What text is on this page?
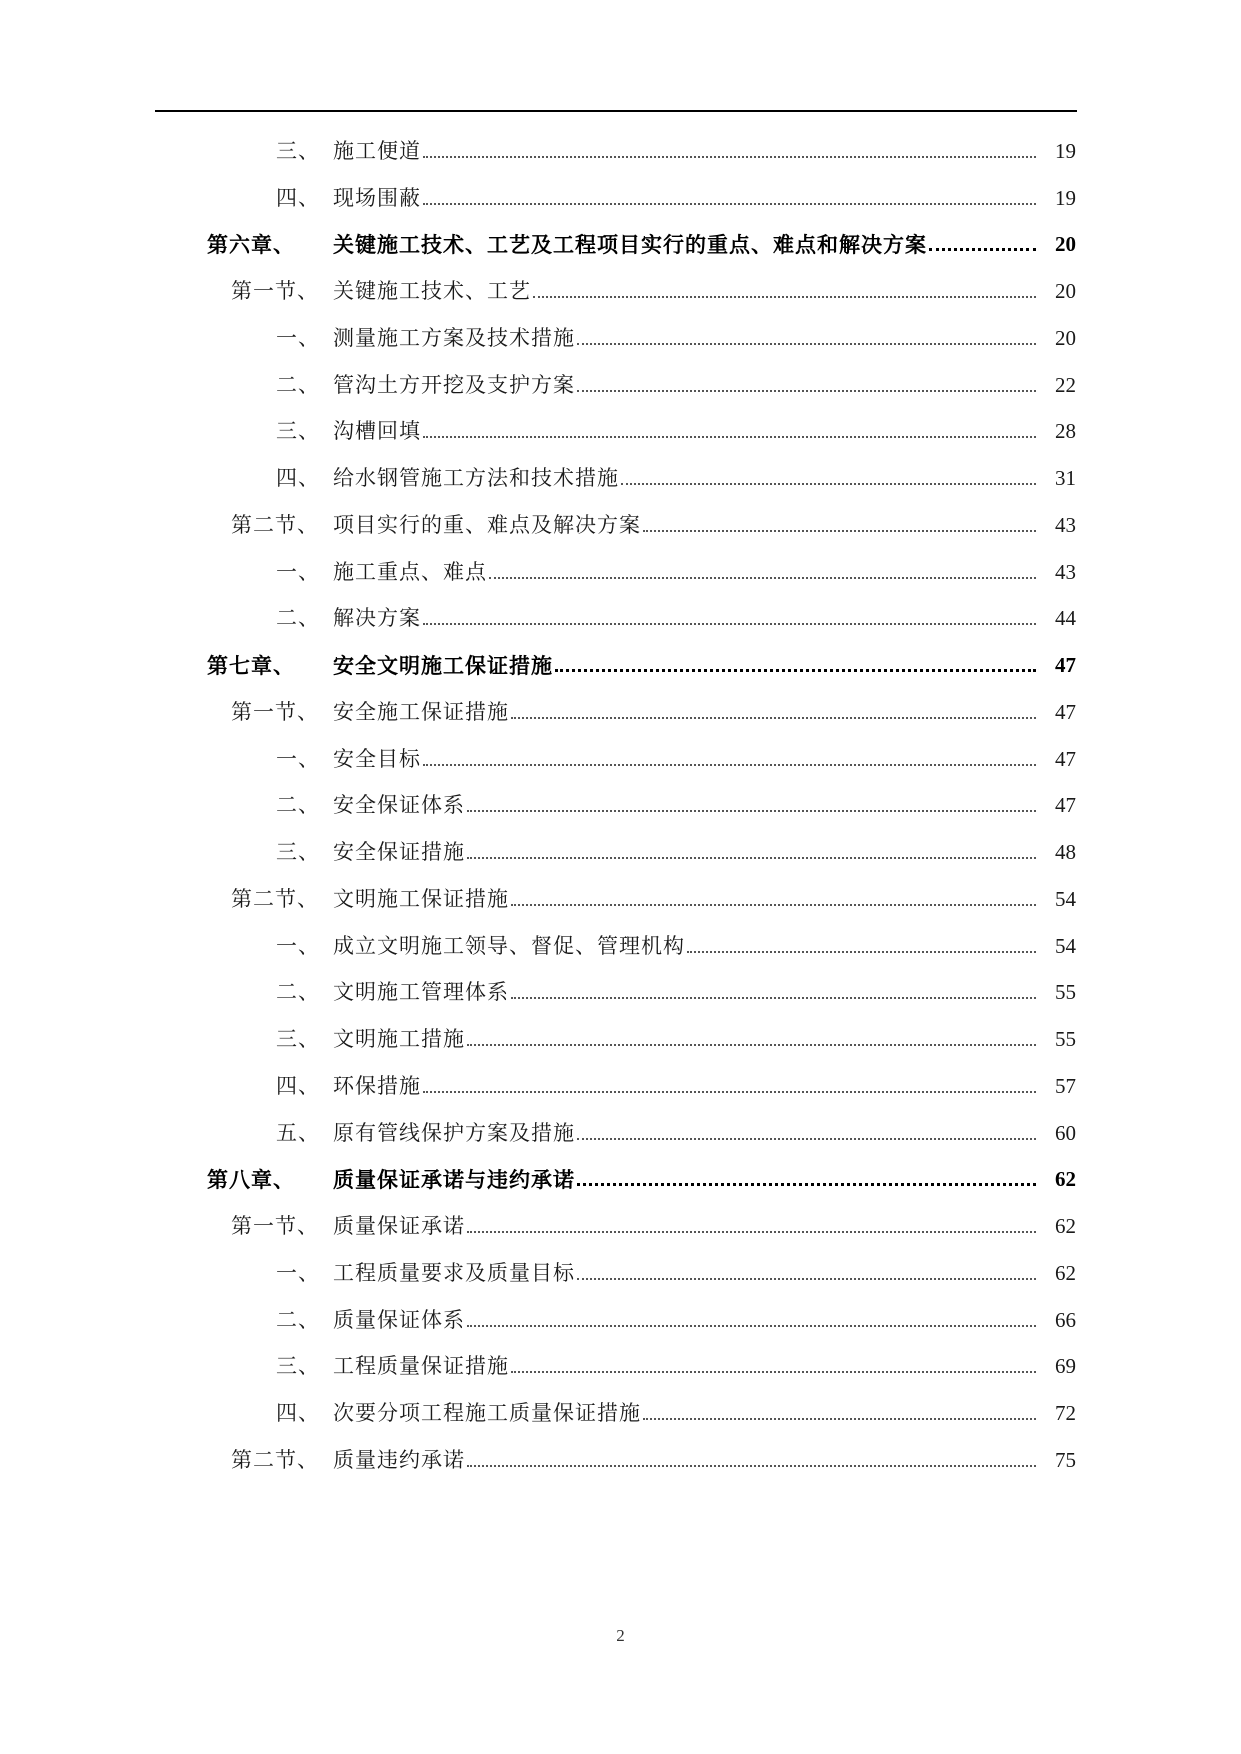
三、 施工便道	19
四、 现场围蔽	19
第六章、 关键施工技术、工艺及工程项目实行的重点、难点和解决方案	20
第一节、 关键施工技术、工艺	20
一、 测量施工方案及技术措施	20
二、 管沟土方开挖及支护方案	22
三、 沟槽回填	28
四、 给水钢管施工方法和技术措施	31
第二节、 项目实行的重、难点及解决方案	43
一、 施工重点、难点	43
二、 解决方案	44
第七章、 安全文明施工保证措施	47
第一节、 安全施工保证措施	47
一、 安全目标	47
二、 安全保证体系	47
三、 安全保证措施	48
第二节、 文明施工保证措施	54
一、 成立文明施工领导、督促、管理机构	54
二、 文明施工管理体系	55
三、 文明施工措施	55
四、 环保措施	57
五、 原有管线保护方案及措施	60
第八章、 质量保证承诺与违约承诺	62
第一节、 质量保证承诺	62
一、 工程质量要求及质量目标	62
二、 质量保证体系	66
三、 工程质量保证措施	69
四、 次要分项工程施工质量保证措施	72
第二节、 质量违约承诺	75
2
